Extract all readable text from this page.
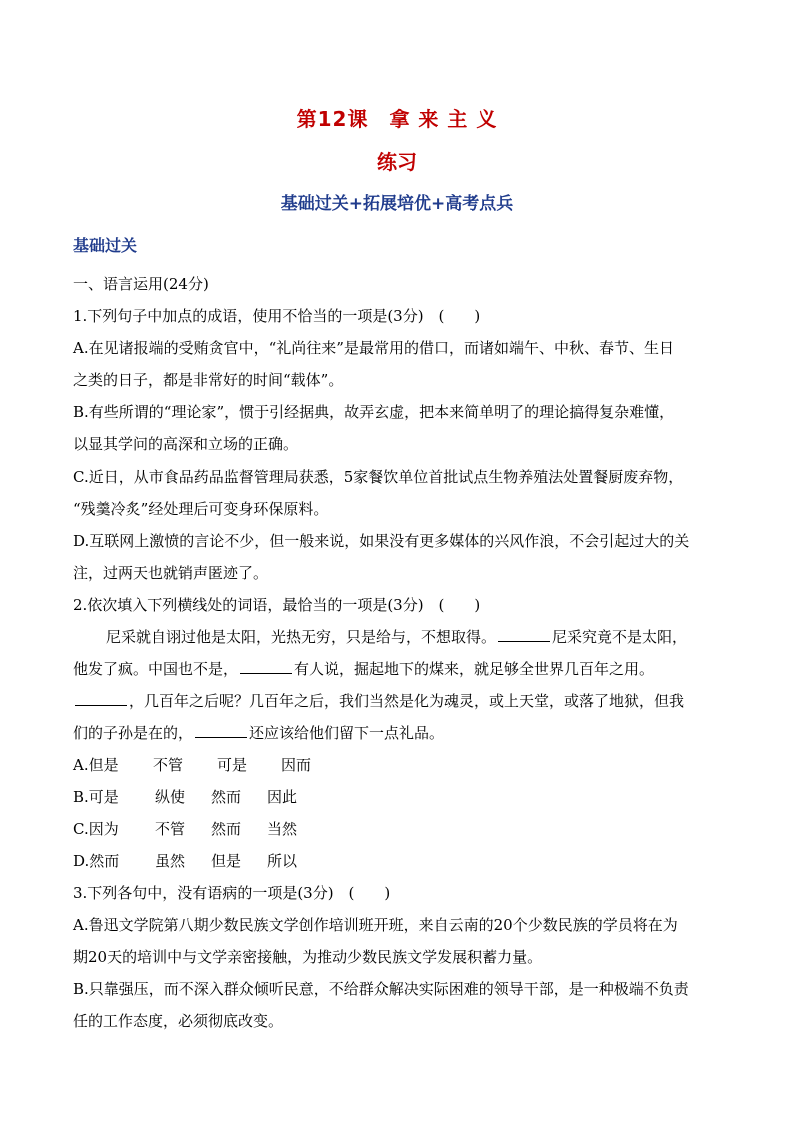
第12课　拿 来 主 义
练习
基础过关+拓展培优+高考点兵
基础过关
一、语言运用(24分)
1.下列句子中加点的成语，使用不恰当的一项是(3分)　(　　)
A.在见诸报端的受贿贪官中，“礼尚往来”是最常用的借口，而诸如端午、中秋、春节、生日
之类的日子，都是非常好的时间“载体”。
B.有些所谓的“理论家”，惯于引经据典，故弄玄虚，把本来简单明了的理论搞得复杂难懂，
以显其学问的高深和立场的正确。
C.近日，从市食品药品监督管理局获悉，5家餐饮单位首批试点生物养殖法处置餐厨废弃物，
“残羹冷炙”经处理后可变身环保原料。
D.互联网上激愤的言论不少，但一般来说，如果没有更多媒体的兴风作浪，不会引起过大的关
注，过两天也就销声匿迹了。
2.依次填入下列横线处的词语，最恰当的一项是(3分)　(　　)
尼采就自诩过他是太阳，光热无穷，只是给与，不想取得。	尼采究竟不是太阳，
他发了疯。中国也不是，	有人说，掘起地下的煤来，就足够全世界几百年之用。
，几百年之后呢？几百年之后，我们当然是化为魂灵，或上天堂，或落了地狱，但我
们的子孙是在的，	还应该给他们留下一点礼品。
A.但是 不管 可是 因而
B.可是 纵使 然而 因此
C.因为 不管 然而 当然
D.然而 虽然 但是 所以
3.下列各句中，没有语病的一项是(3分)　(　　)
A.鲁迅文学院第八期少数民族文学创作培训班开班，来自云南的20个少数民族的学员将在为
期20天的培训中与文学亲密接触，为推动少数民族文学发展积蓄力量。
B.只靠强压，而不深入群众倾听民意，不给群众解决实际困难的领导干部，是一种极端不负责
任的工作态度，必须彻底改变。
